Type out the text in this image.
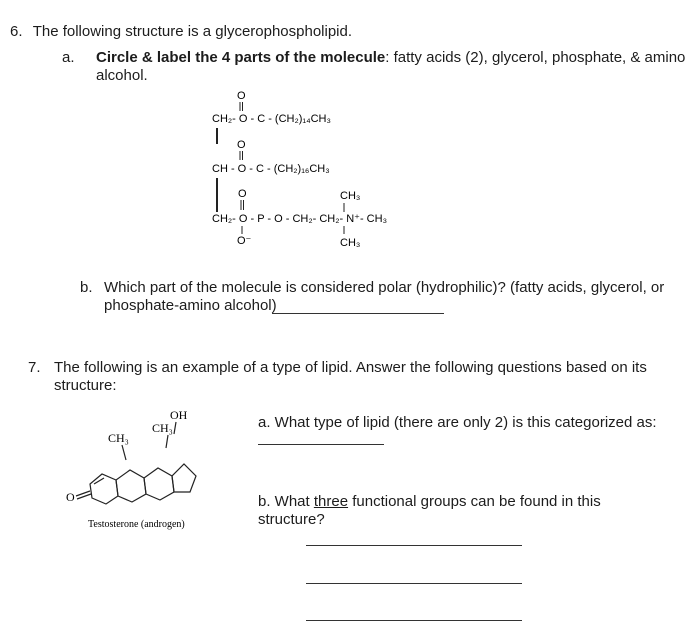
6. The following structure is a glycerophospholipid.
a. Circle & label the 4 parts of the molecule: fatty acids (2), glycerol, phosphate, & amino
alcohol.
O
CH₂- O - C - (CH₂)₁₄CH₃
O
CH - O - C - (CH₂)₁₆CH₃
O	CH₃
CH₂- O - P - O - CH₂- CH₂- N⁺- CH₃
O⁻	CH₃
b. Which part of the molecule is considered polar (hydrophilic)? (fatty acids, glycerol, or
phosphate-amino alcohol)
7. The following is an example of a type of lipid. Answer the following questions based on its
structure:
OH
CH₃
CH₃
O
Testosterone (androgen)
a. What type of lipid (there are only 2) is this categorized as:
b. What three functional groups can be found in this
structure?
